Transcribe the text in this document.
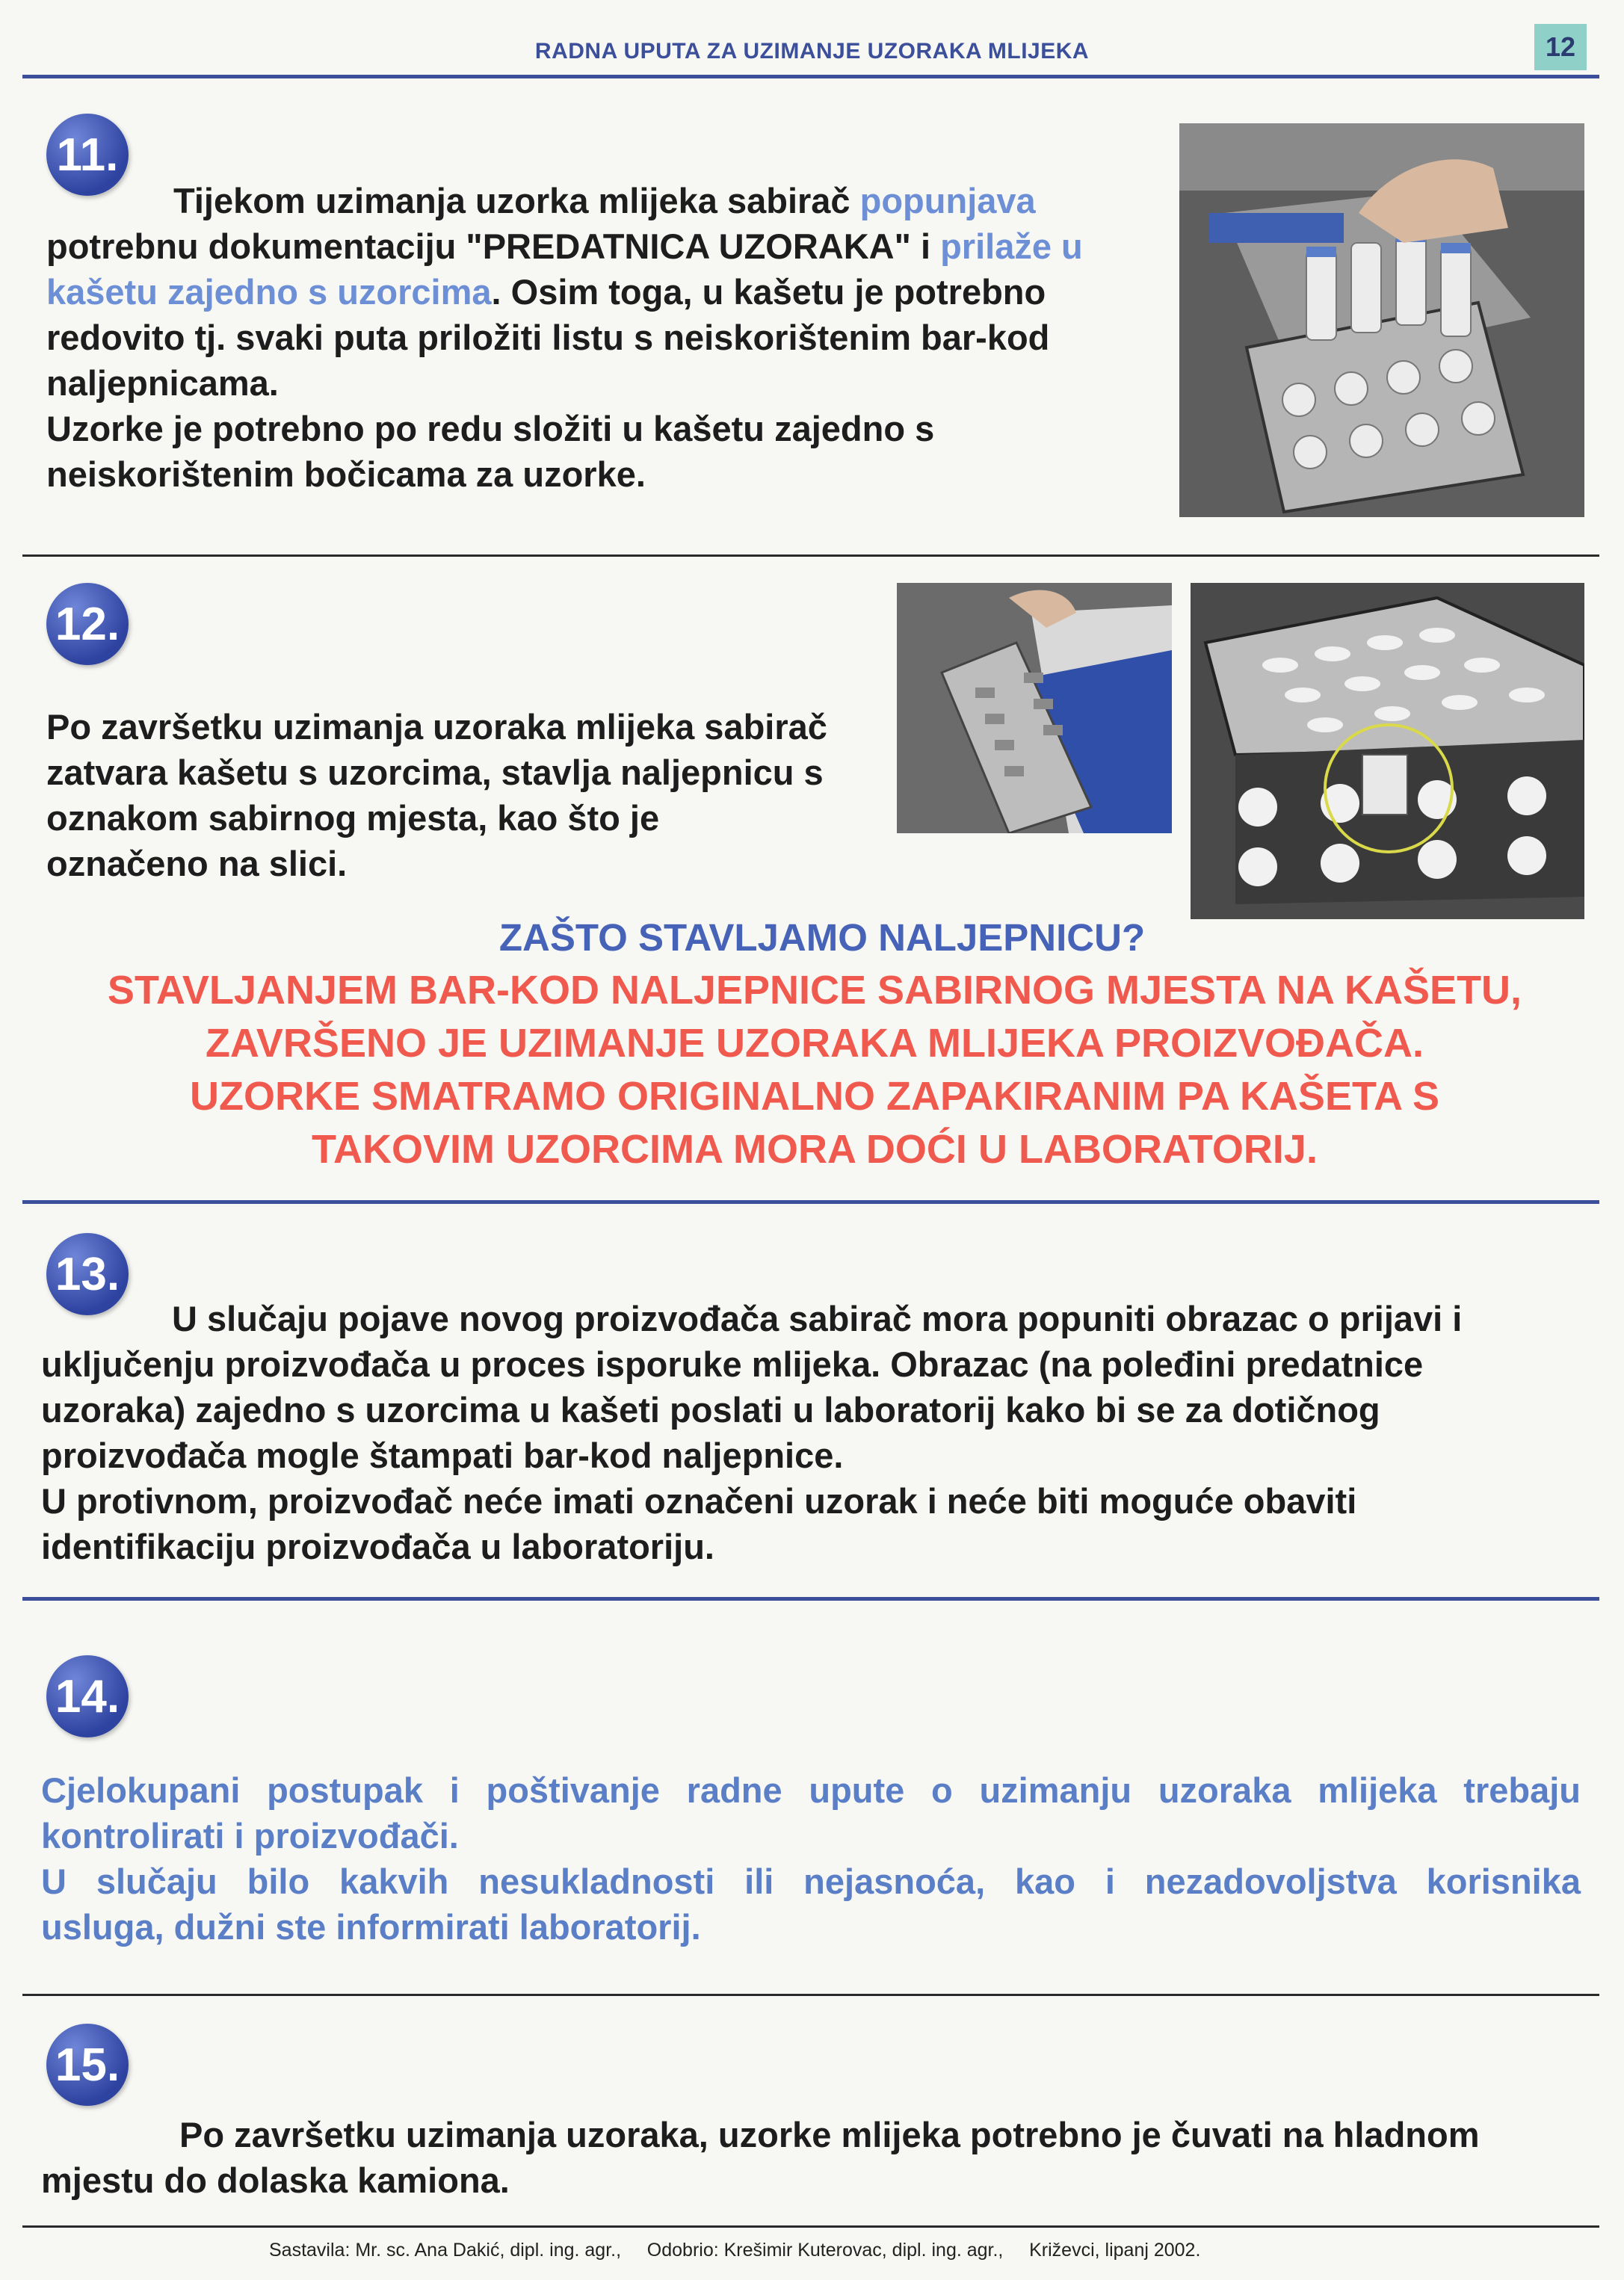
RADNA UPUTA ZA UZIMANJE UZORAKA MLIJEKA	12
11.

Tijekom uzimanja uzorka mlijeka sabirač popunjava

potrebnu dokumentaciju "PREDATNICA UZORAKA" i prilaže u

kašetu zajedno s uzorcima. Osim toga, u kašetu je potrebno

redovito tj. svaki puta priložiti listu s neiskorištenim bar-kod

naljepnicama.

Uzorke je potrebno po redu složiti u kašetu zajedno s

neiskorištenim bočicama za uzorke.

12.

Po završetku uzimanja uzoraka mlijeka sabirač

zatvara kašetu s uzorcima, stavlja naljepnicu s

oznakom sabirnog mjesta, kao što je

označeno na slici.

ZAŠTO STAVLJAMO NALJEPNICU?
STAVLJANJEM BAR-KOD NALJEPNICE SABIRNOG MJESTA NA KAŠETU,
ZAVRŠENO JE UZIMANJE UZORAKA MLIJEKA PROIZVOĐAČA.
UZORKE SMATRAMO ORIGINALNO ZAPAKIRANIM PA KAŠETA S
TAKOVIM UZORCIMA MORA DOĆI U LABORATORIJ.
13.

U slučaju pojave novog proizvođača sabirač mora popuniti obrazac o prijavi i

uključenju proizvođača u proces isporuke mlijeka. Obrazac (na poleđini predatnice

uzoraka) zajedno s uzorcima u kašeti poslati u laboratorij kako bi se za dotičnog

proizvođača mogle štampati bar-kod naljepnice.

U protivnom, proizvođač neće imati označeni uzorak i neće biti moguće obaviti

identifikaciju proizvođača u laboratoriju.

14.

Cjelokupani postupak i poštivanje radne upute o uzimanju uzoraka mlijeka trebaju

kontrolirati i proizvođači.

U slučaju bilo kakvih nesukladnosti ili nejasnoća, kao i nezadovoljstva korisnika

usluga, dužni ste informirati laboratorij.

15.

Po završetku uzimanja uzoraka, uzorke mlijeka potrebno je čuvati na hladnom

mjestu do dolaska kamiona.

Sastavila: Mr. sc. Ana Dakić, dipl. ing. agr., Odobrio: Krešimir Kuterovac, dipl. ing. agr., Križevci, lipanj 2002.
